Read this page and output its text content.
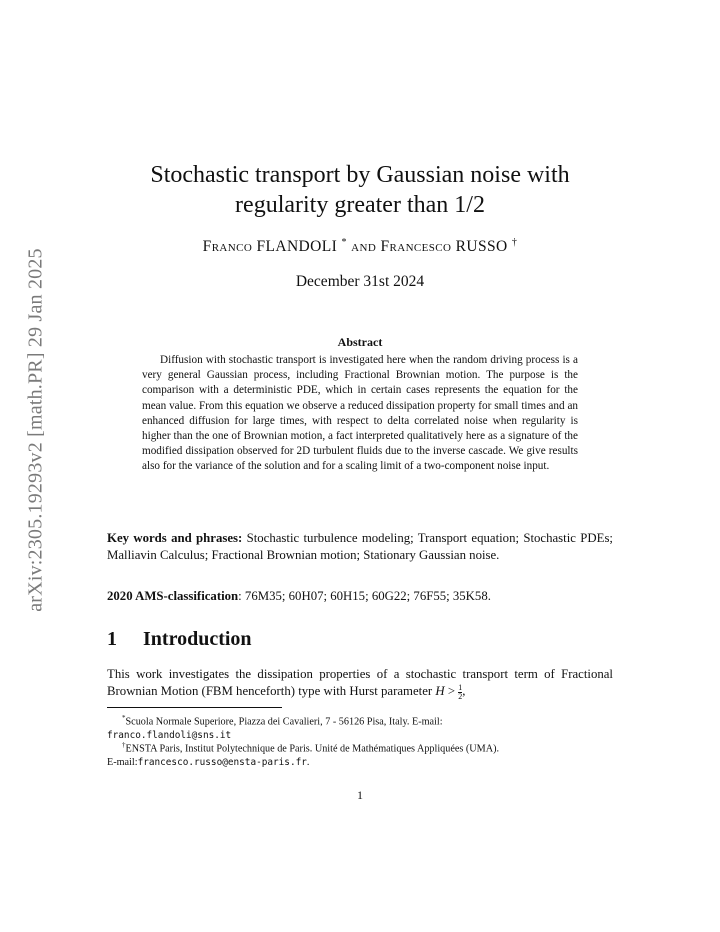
arXiv:2305.19293v2 [math.PR] 29 Jan 2025
Stochastic transport by Gaussian noise with
regularity greater than 1/2
Franco FLANDOLI * and Francesco RUSSO †
December 31st 2024
Abstract

Diffusion with stochastic transport is investigated here when the random driving process is a very general Gaussian process, including Fractional Brownian motion. The purpose is the comparison with a deterministic PDE, which in certain cases represents the equation for the mean value. From this equation we observe a reduced dissipation property for small times and an enhanced diffusion for large times, with respect to delta correlated noise when regularity is higher than the one of Brownian motion, a fact interpreted qualitatively here as a signature of the modified dissipation observed for 2D turbulent fluids due to the inverse cascade. We give results also for the variance of the solution and for a scaling limit of a two-component noise input.

Key words and phrases: Stochastic turbulence modeling; Transport equation; Stochastic PDEs; Malliavin Calculus; Fractional Brownian motion; Stationary Gaussian noise.

2020 AMS-classification: 76M35; 60H07; 60H15; 60G22; 76F55; 35K58.

1 Introduction

This work investigates the dissipation properties of a stochastic transport term of Fractional Brownian Motion (FBM henceforth) type with Hurst parameter $H > \frac{1}{2}$ ,

*Scuola Normale Superiore, Piazza dei Cavalieri, 7 - 56126 Pisa, Italy. E-mail:
franco.flandoli@sns.it

†ENSTA Paris, Institut Polytechnique de Paris. Unité de Mathématiques Appliquées (UMA).
E-mail:francesco.russo@ensta-paris.fr.

1
